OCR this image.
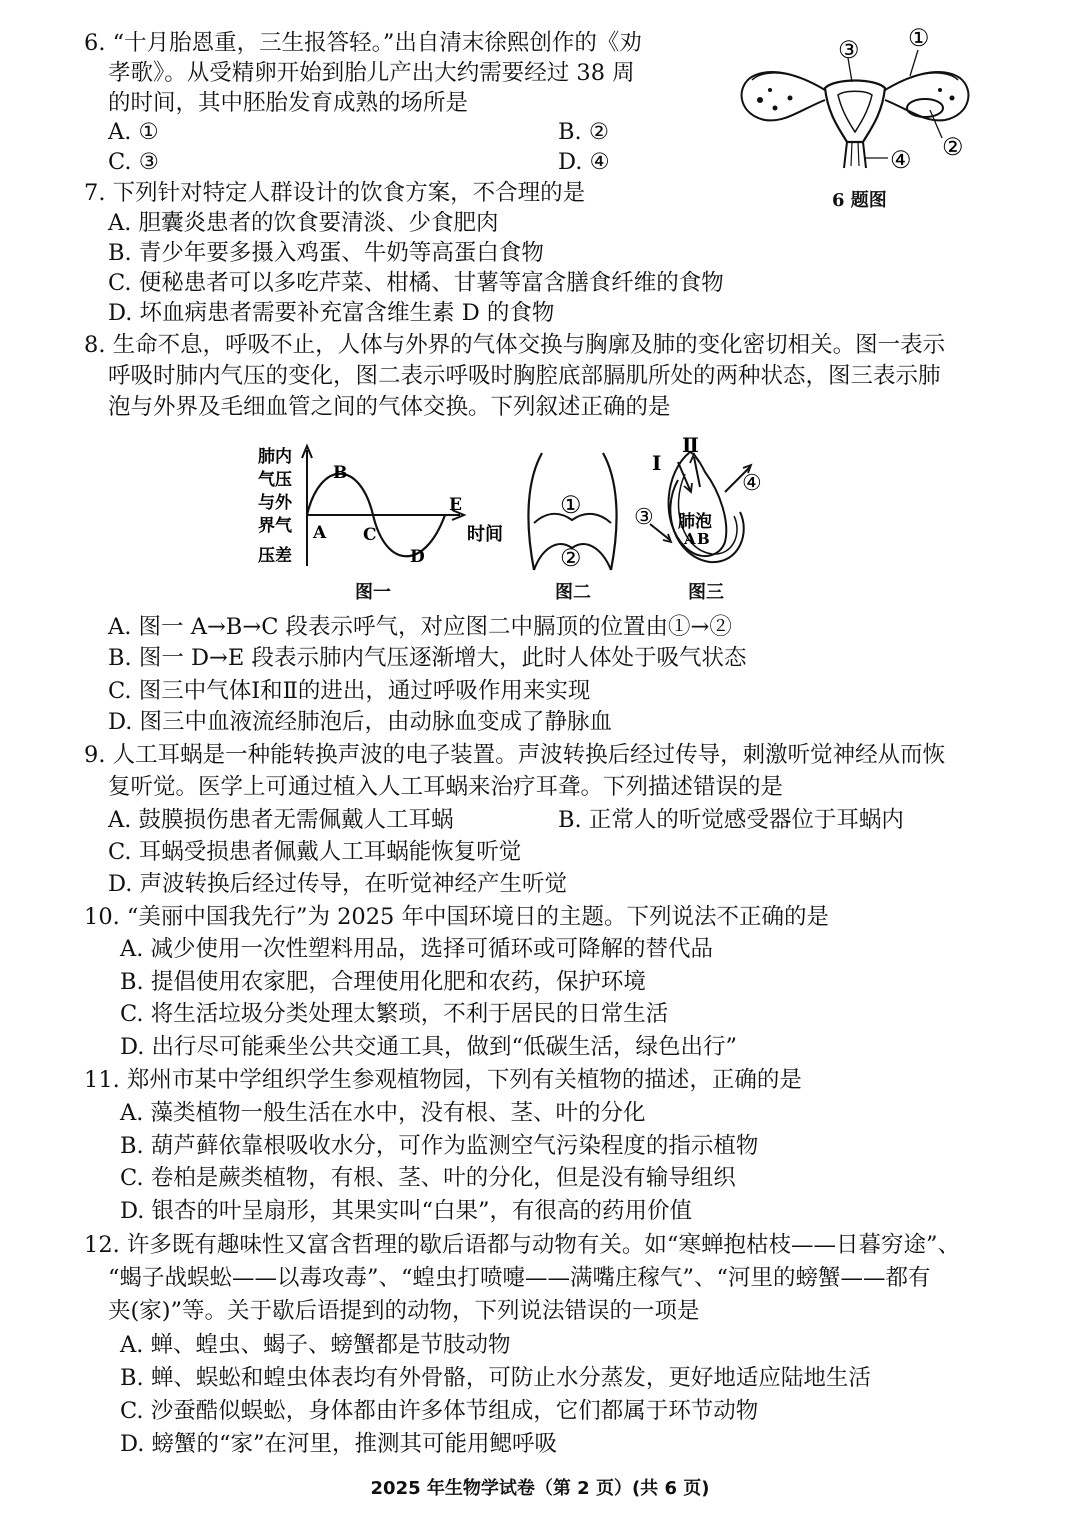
6. “十月胎恩重，三生报答轻。”出自清末徐熙创作的《劝
孝歌》。从受精卵开始到胎儿产出大约需要经过 38 周
的时间，其中胚胎发育成熟的场所是
A. ①	B. ②
C. ③	D. ④
③ ①
②
④
6 题图
7. 下列针对特定人群设计的饮食方案，不合理的是
A. 胆囊炎患者的饮食要清淡、少食肥肉
B. 青少年要多摄入鸡蛋、牛奶等高蛋白食物
C. 便秘患者可以多吃芹菜、柑橘、甘薯等富含膳食纤维的食物
D. 坏血病患者需要补充富含维生素 D 的食物
8. 生命不息，呼吸不止，人体与外界的气体交换与胸廓及肺的变化密切相关。图一表示
呼吸时肺内气压的变化，图二表示呼吸时胸腔底部膈肌所处的两种状态，图三表示肺
泡与外界及毛细血管之间的气体交换。下列叙述正确的是
肺内
气压
与外
界气
压差
A
B
C
D
E
时间
图一
①
②
图二
Ⅰ
Ⅱ
③
④
肺泡
A B
图三
A. 图一 A→B→C 段表示呼气，对应图二中膈顶的位置由①→②
B. 图一 D→E 段表示肺内气压逐渐增大，此时人体处于吸气状态
C. 图三中气体Ⅰ和Ⅱ的进出，通过呼吸作用来实现
D. 图三中血液流经肺泡后，由动脉血变成了静脉血
9. 人工耳蜗是一种能转换声波的电子装置。声波转换后经过传导，刺激听觉神经从而恢
复听觉。医学上可通过植入人工耳蜗来治疗耳聋。下列描述错误的是
A. 鼓膜损伤患者无需佩戴人工耳蜗	B. 正常人的听觉感受器位于耳蜗内
C. 耳蜗受损患者佩戴人工耳蜗能恢复听觉
D. 声波转换后经过传导，在听觉神经产生听觉
10. “美丽中国我先行”为 2025 年中国环境日的主题。下列说法不正确的是
A. 减少使用一次性塑料用品，选择可循环或可降解的替代品
B. 提倡使用农家肥，合理使用化肥和农药，保护环境
C. 将生活垃圾分类处理太繁琐，不利于居民的日常生活
D. 出行尽可能乘坐公共交通工具，做到“低碳生活，绿色出行”
11. 郑州市某中学组织学生参观植物园，下列有关植物的描述，正确的是
A. 藻类植物一般生活在水中，没有根、茎、叶的分化
B. 葫芦藓依靠根吸收水分，可作为监测空气污染程度的指示植物
C. 卷柏是蕨类植物，有根、茎、叶的分化，但是没有输导组织
D. 银杏的叶呈扇形，其果实叫“白果”，有很高的药用价值
12. 许多既有趣味性又富含哲理的歇后语都与动物有关。如“寒蝉抱枯枝——日暮穷途”、
“蝎子战蜈蚣——以毒攻毒”、“蝗虫打喷嚏——满嘴庄稼气”、“河里的螃蟹——都有
夹(家)”等。关于歇后语提到的动物，下列说法错误的一项是
A. 蝉、蝗虫、蝎子、螃蟹都是节肢动物
B. 蝉、蜈蚣和蝗虫体表均有外骨骼，可防止水分蒸发，更好地适应陆地生活
C. 沙蚕酷似蜈蚣，身体都由许多体节组成，它们都属于环节动物
D. 螃蟹的“家”在河里，推测其可能用鳃呼吸
2025 年生物学试卷（第 2 页）(共 6 页)
